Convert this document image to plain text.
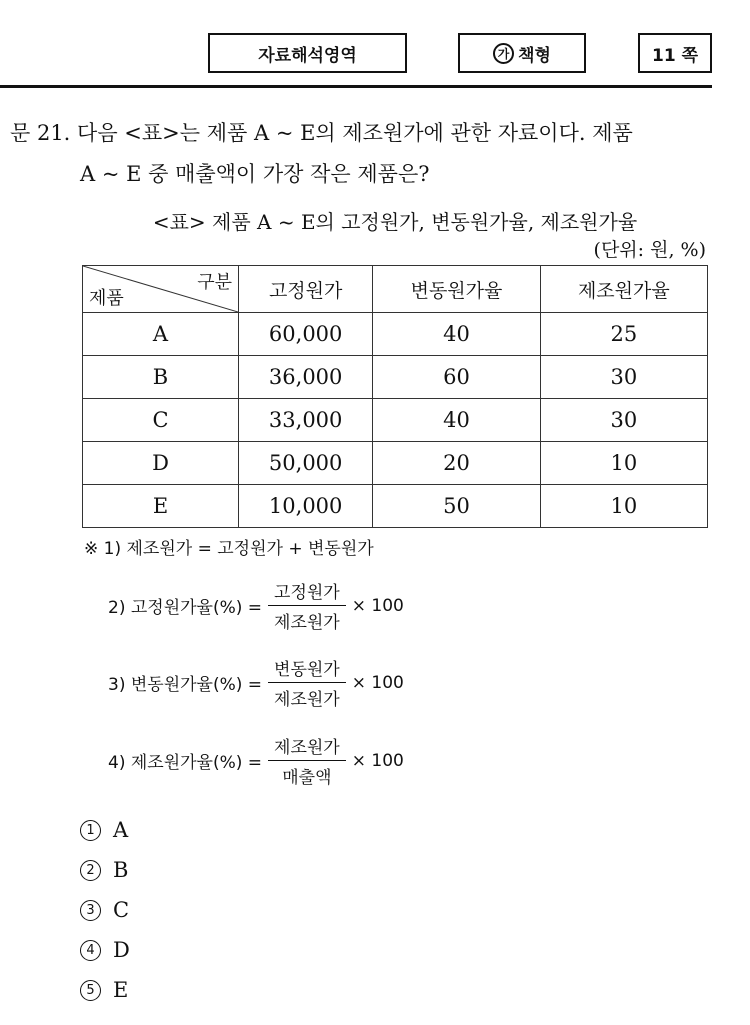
자료해석영역	가 책형	11 쪽
문 21. 다음 <표>는 제품 A ~ E의 제조원가에 관한 자료이다. 제품
A ~ E 중 매출액이 가장 작은 제품은?
<표> 제품 A ~ E의 고정원가, 변동원가율, 제조원가율
(단위: 원, %)
구분
제품	고정원가	변동원가율	제조원가율
A	60,000	40	25
B	36,000	60	30
C	33,000	40	30
D	50,000	20	10
E	10,000	50	10
※ 1) 제조원가 = 고정원가 + 변동원가
2) 고정원가율(%) = $\frac{\text{고정원가}}{\text{제조원가}} \times 100$
3) 변동원가율(%) = $\frac{\text{변동원가}}{\text{제조원가}} \times 100$
4) 제조원가율(%) = $\frac{\text{제조원가}}{\text{매출액}} \times 100$
1 A
2 B
3 C
4 D
5 E
